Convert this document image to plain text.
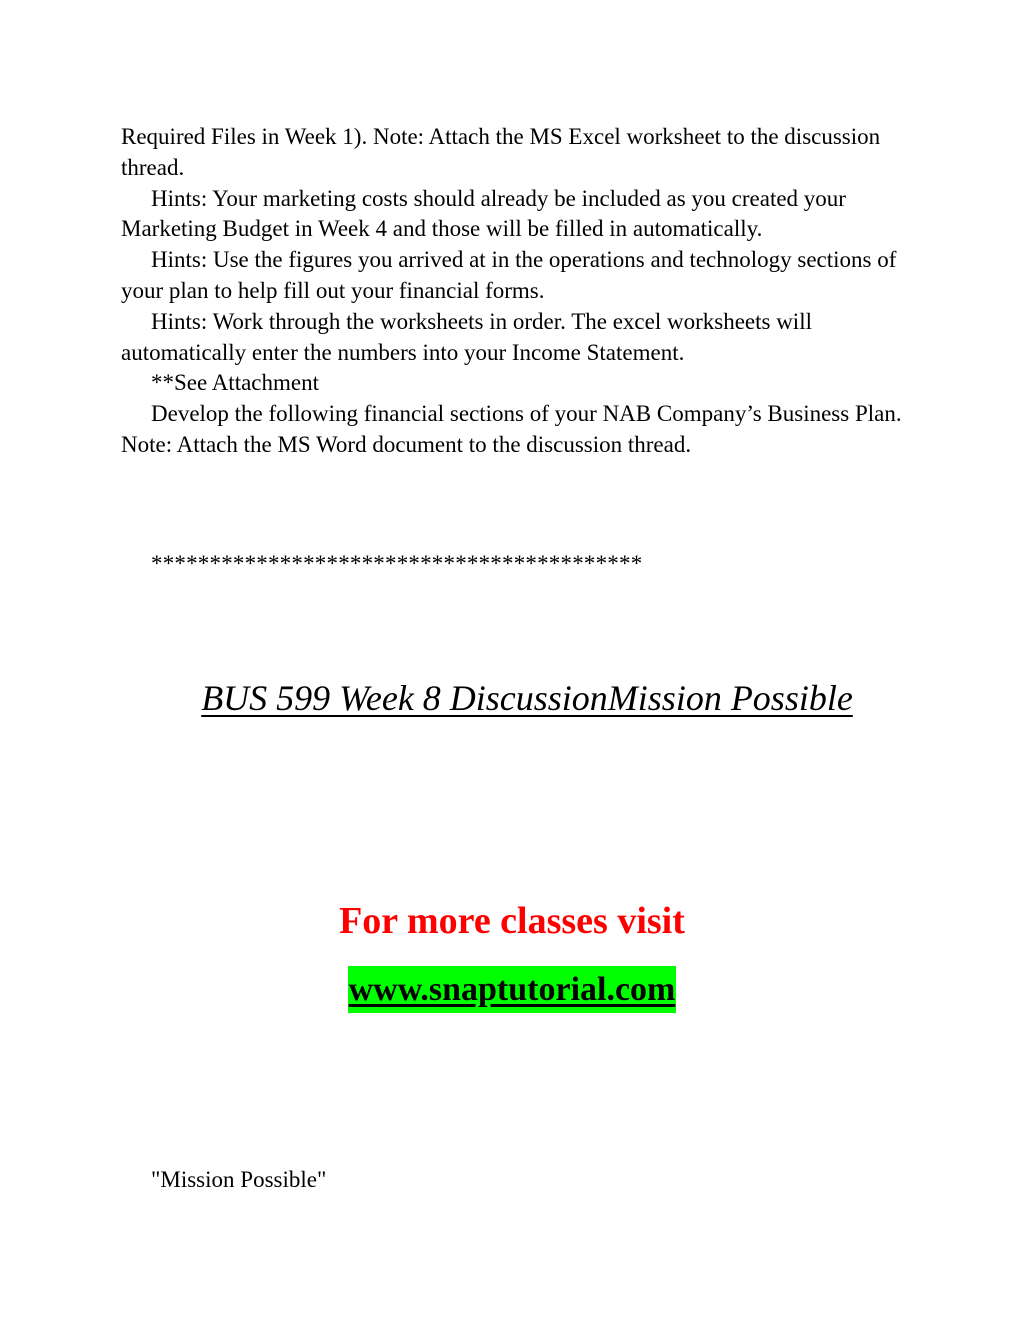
Required Files in Week 1). Note: Attach the MS Excel worksheet to the discussion thread.

Hints: Your marketing costs should already be included as you created your Marketing Budget in Week 4 and those will be filled in automatically.

Hints: Use the figures you arrived at in the operations and technology sections of your plan to help fill out your financial forms.

Hints: Work through the worksheets in order. The excel worksheets will automatically enter the numbers into your Income Statement.

**See Attachment

Develop the following financial sections of your NAB Company’s Business Plan. Note: Attach the MS Word document to the discussion thread.

******************************************
BUS 599 Week 8 DiscussionMission Possible
For more classes visit
www.snaptutorial.com
"Mission Possible"
